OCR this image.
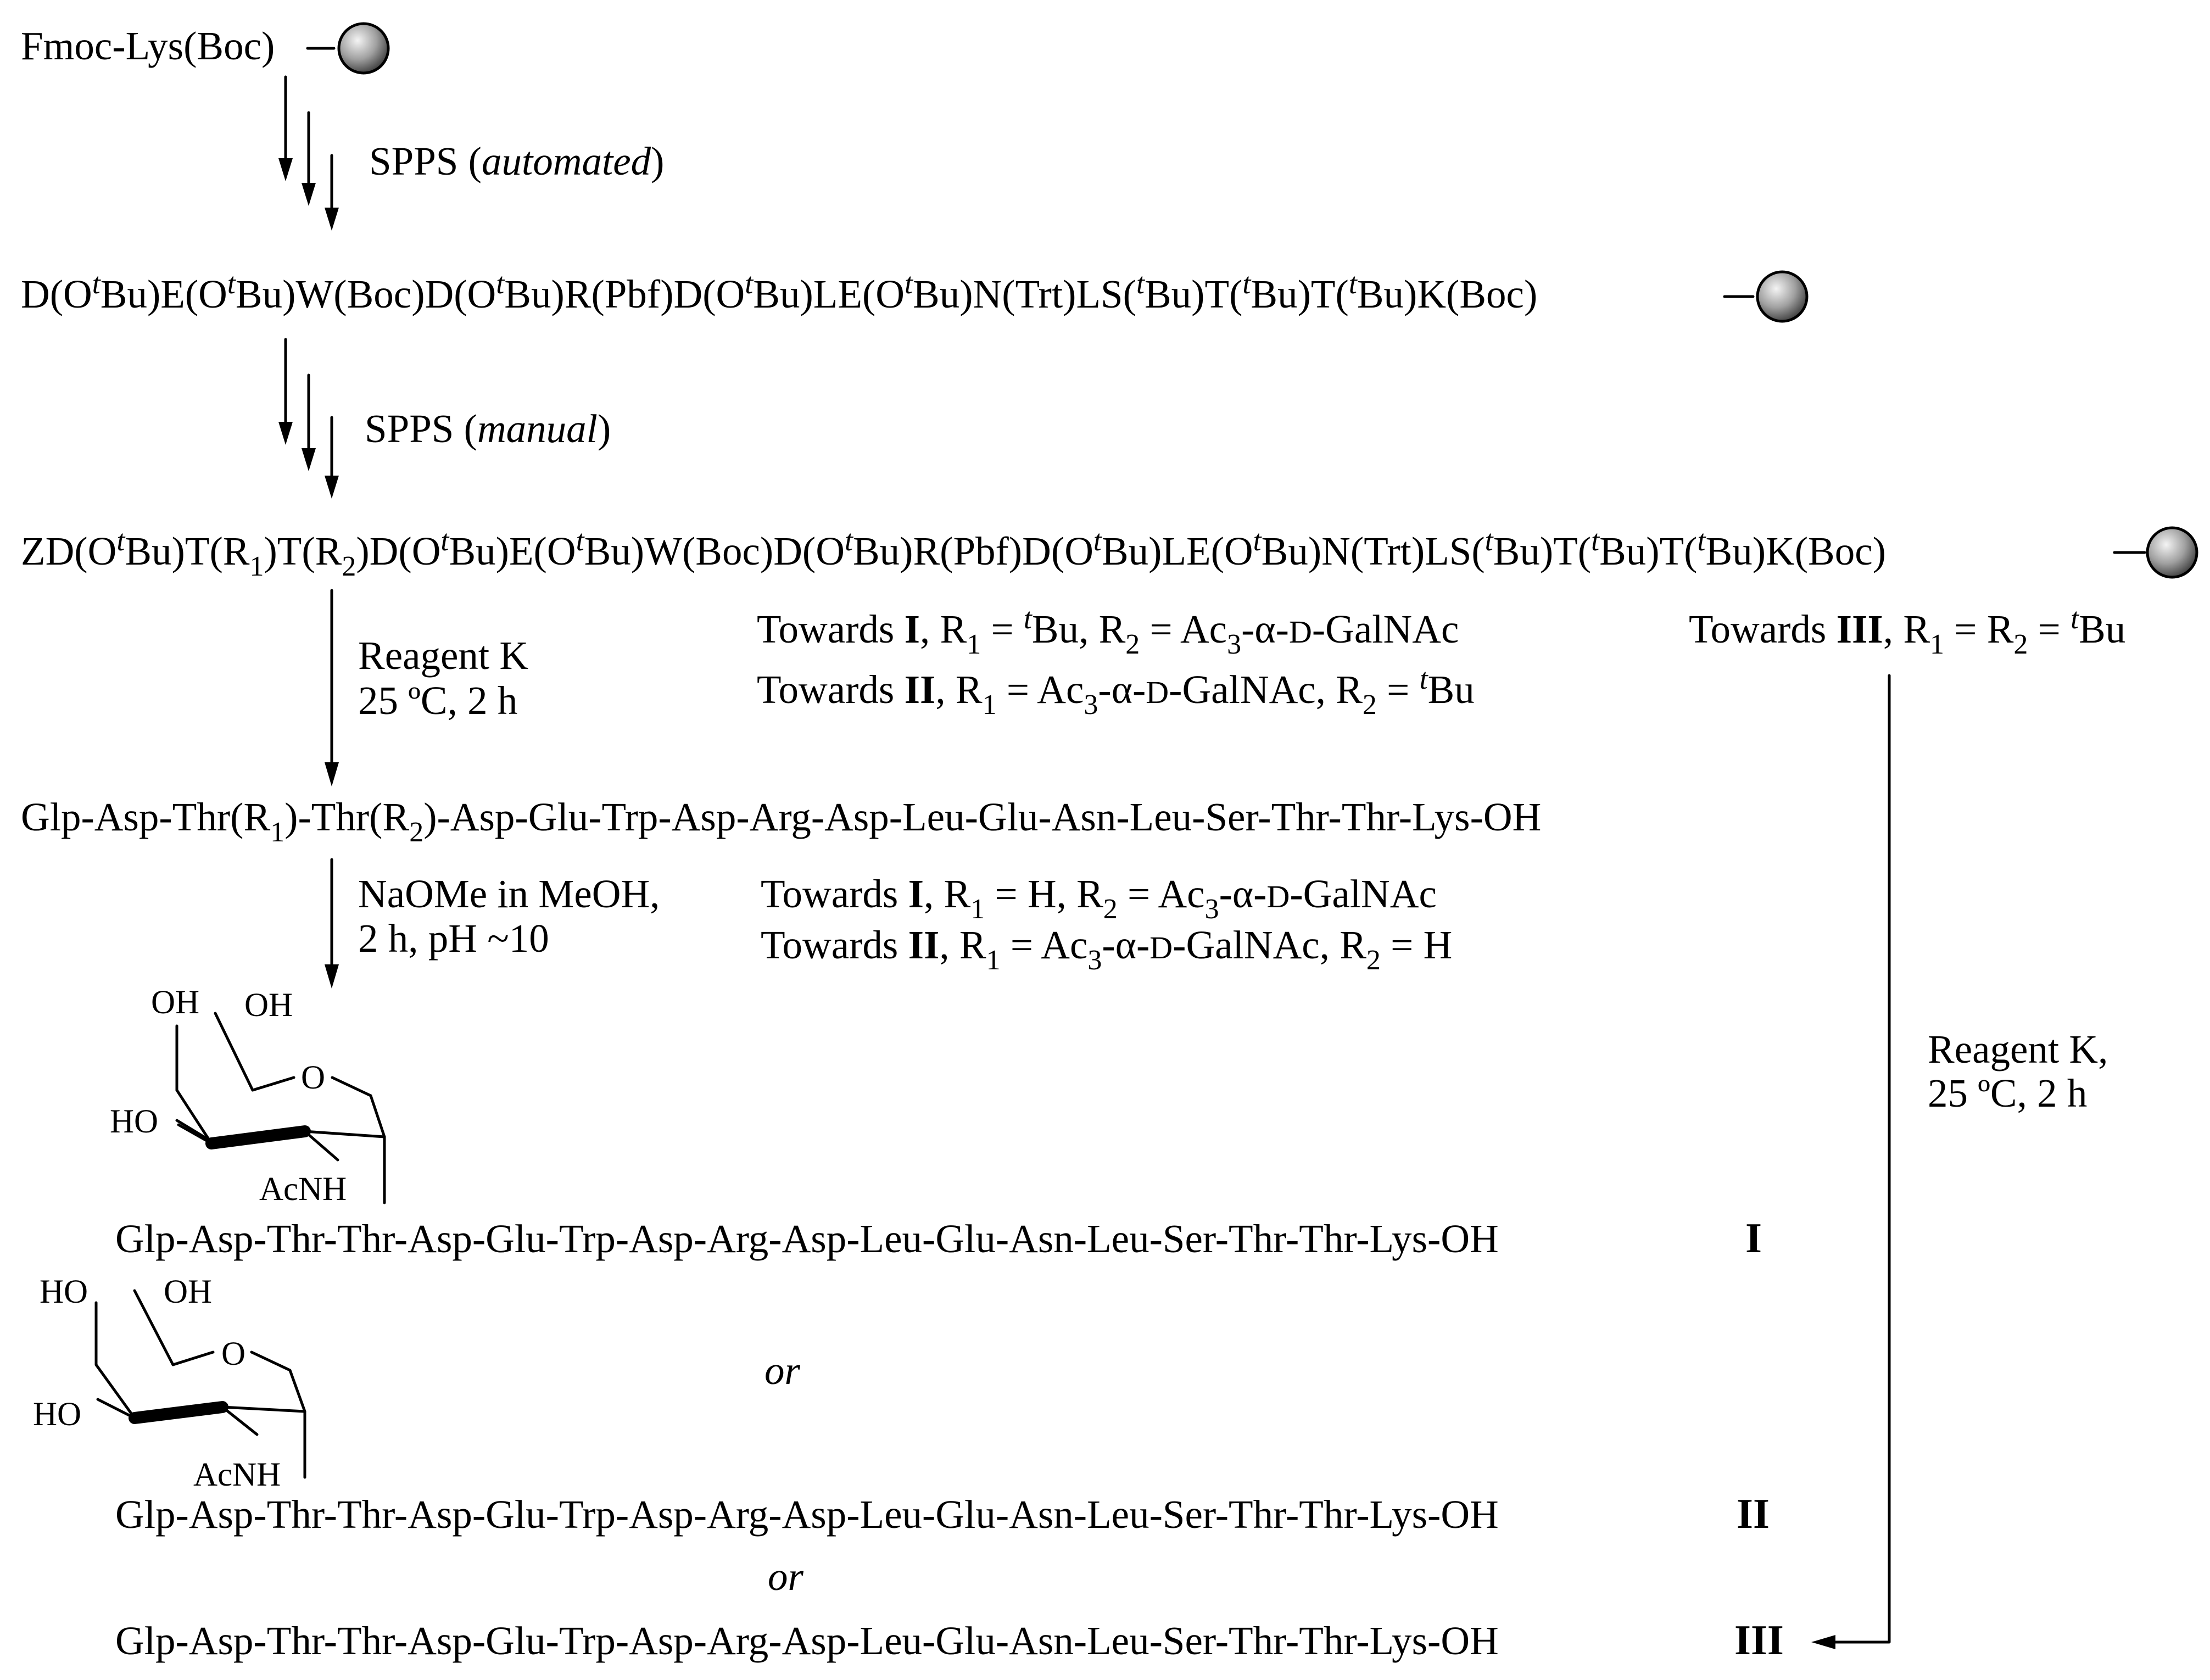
Fmoc-Lys(Boc)
SPPS (automated)
$D(O^tBu)E(O^tBu)W(Boc)D(O^tBu)R(Pbf)D(O^tBu)LE(O^tBu)N(Trt)LS(^tBu)T(^tBu)T(^tBu)K(Boc)$
SPPS (manual)
$ZD(O^tBu)T(R_1)T(R_2)D(O^tBu)E(O^tBu)W(Boc)D(O^tBu)R(Pbf)D(O^tBu)LE(O^tBu)N(Trt)LS(^tBu)T(^tBu)T(^tBu)K(Boc)$
Reagent K
25 ºC, 2 h
Towards I, $R_1 = ^tBu$, $R_2$ = $Ac_3-\alpha-D$-GalNAc
Towards II, $R_1$ = $Ac_3-\alpha-D$-GalNAc, $R_2 = ^tBu$
Towards III, $R_1 = R_2 = ^tBu$
Glp-$Asp-Thr(R_1)-Thr(R_2)-Asp-Glu-Trp-Asp-Arg-Asp-Leu-Glu-Asn-Leu-Ser-Thr-Thr-Lys-OH$
NaOMe in MeOH,
2 h, pH ~10
Towards I, $R_1 = H$, $R_2$ = $Ac_3-\alpha-D$-GalNAc
Towards II, $R_1$ = $Ac_3-\alpha-D$-GalNAc, $R_2 = H$
Reagent K,
25 ºC, 2 h
OH OH
HO
O
AcNH
Glp-Asp-Thr-Thr-Asp-Glu-Trp-Asp-Arg-Asp-Leu-Glu-Asn-Leu-Ser-Thr-Thr-Lys-OH	I
or
HO OH
HO
O
AcNH
Glp-Asp-Thr-Thr-Asp-Glu-Trp-Asp-Arg-Asp-Leu-Glu-Asn-Leu-Ser-Thr-Thr-Lys-OH	II
or
Glp-Asp-Thr-Thr-Asp-Glu-Trp-Asp-Arg-Asp-Leu-Glu-Asn-Leu-Ser-Thr-Thr-Lys-OH	III
